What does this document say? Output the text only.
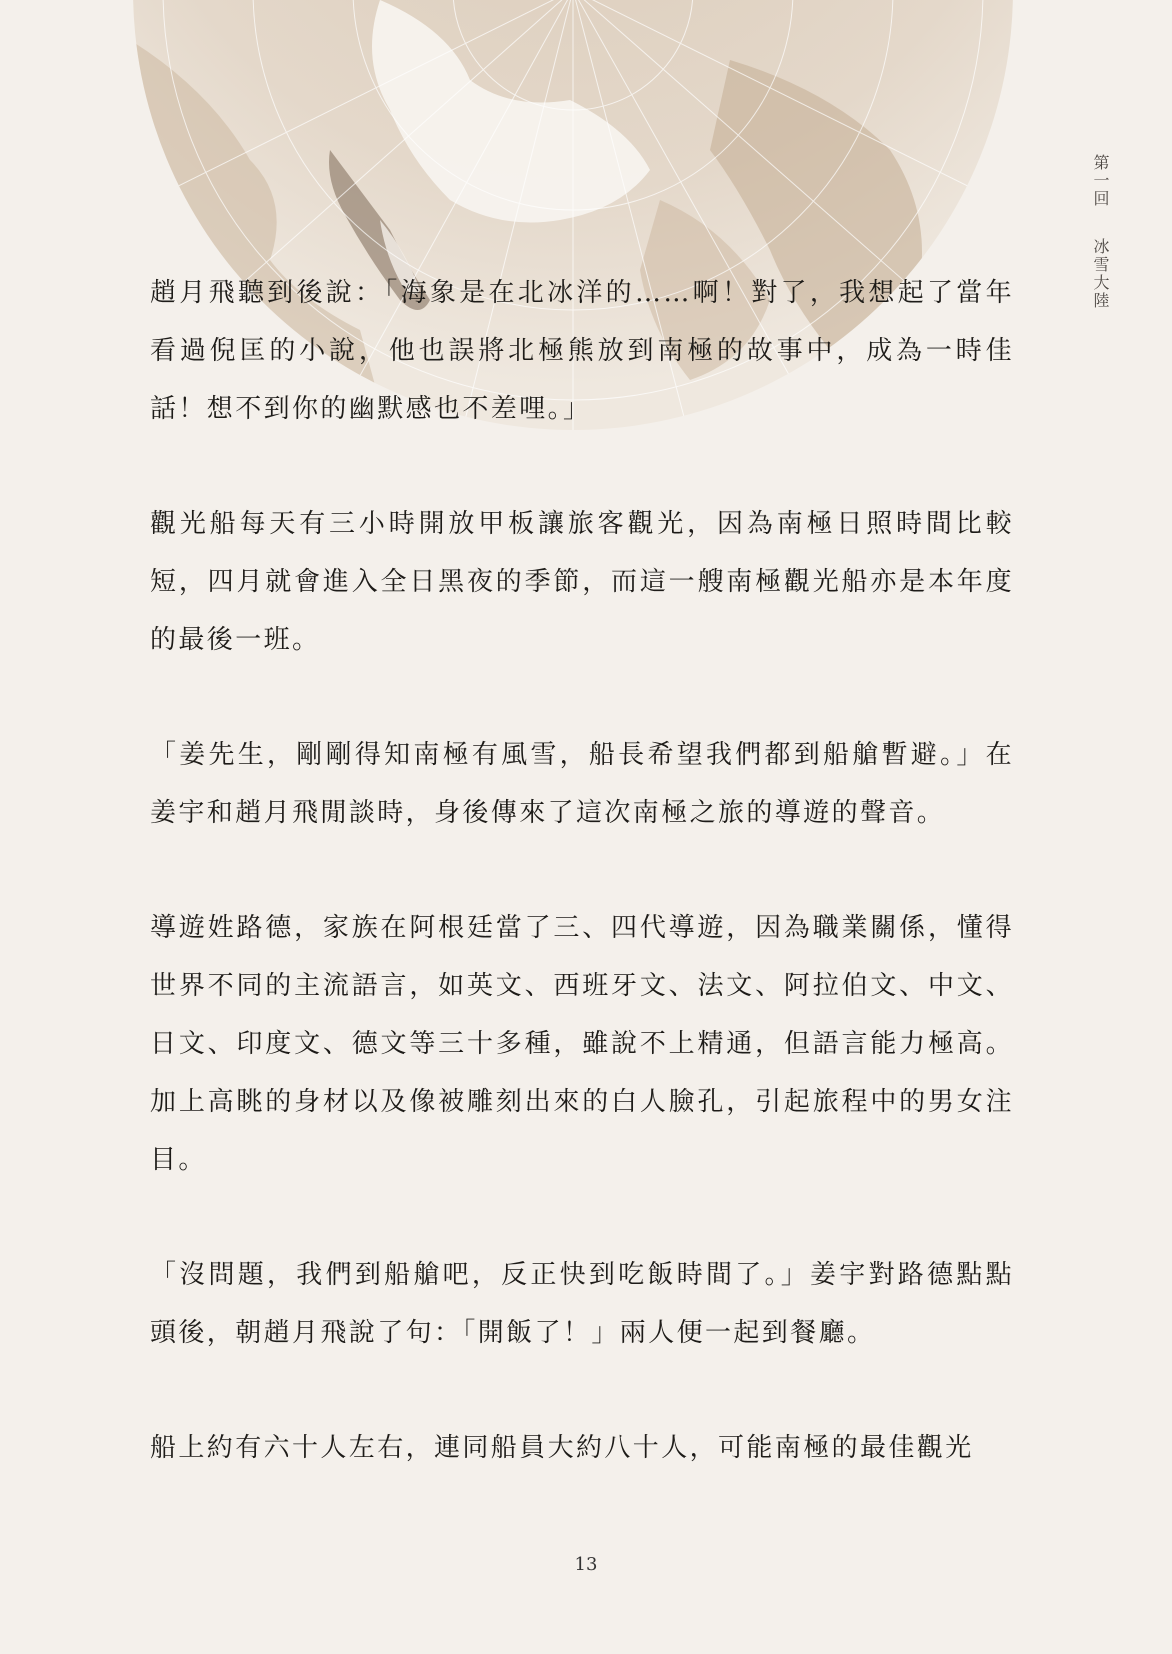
第一回
冰雪大陸

趙月飛聽到後說：「海象是在北冰洋的……啊！對了，我想起了當年看過倪匡的小說，他也誤將北極熊放到南極的故事中，成為一時佳話！想不到你的幽默感也不差哩。」

觀光船每天有三小時開放甲板讓旅客觀光，因為南極日照時間比較短，四月就會進入全日黑夜的季節，而這一艘南極觀光船亦是本年度的最後一班。

「姜先生，剛剛得知南極有風雪，船長希望我們都到船艙暫避。」在姜宇和趙月飛閒談時，身後傳來了這次南極之旅的導遊的聲音。

導遊姓路德，家族在阿根廷當了三、四代導遊，因為職業關係，懂得世界不同的主流語言，如英文、西班牙文、法文、阿拉伯文、中文、日文、印度文、德文等三十多種，雖說不上精通，但語言能力極高。加上高眺的身材以及像被雕刻出來的白人臉孔，引起旅程中的男女注目。

「沒問題，我們到船艙吧，反正快到吃飯時間了。」姜宇對路德點點頭後，朝趙月飛說了句：「開飯了！」兩人便一起到餐廳。

船上約有六十人左右，連同船員大約八十人，可能南極的最佳觀光

13
